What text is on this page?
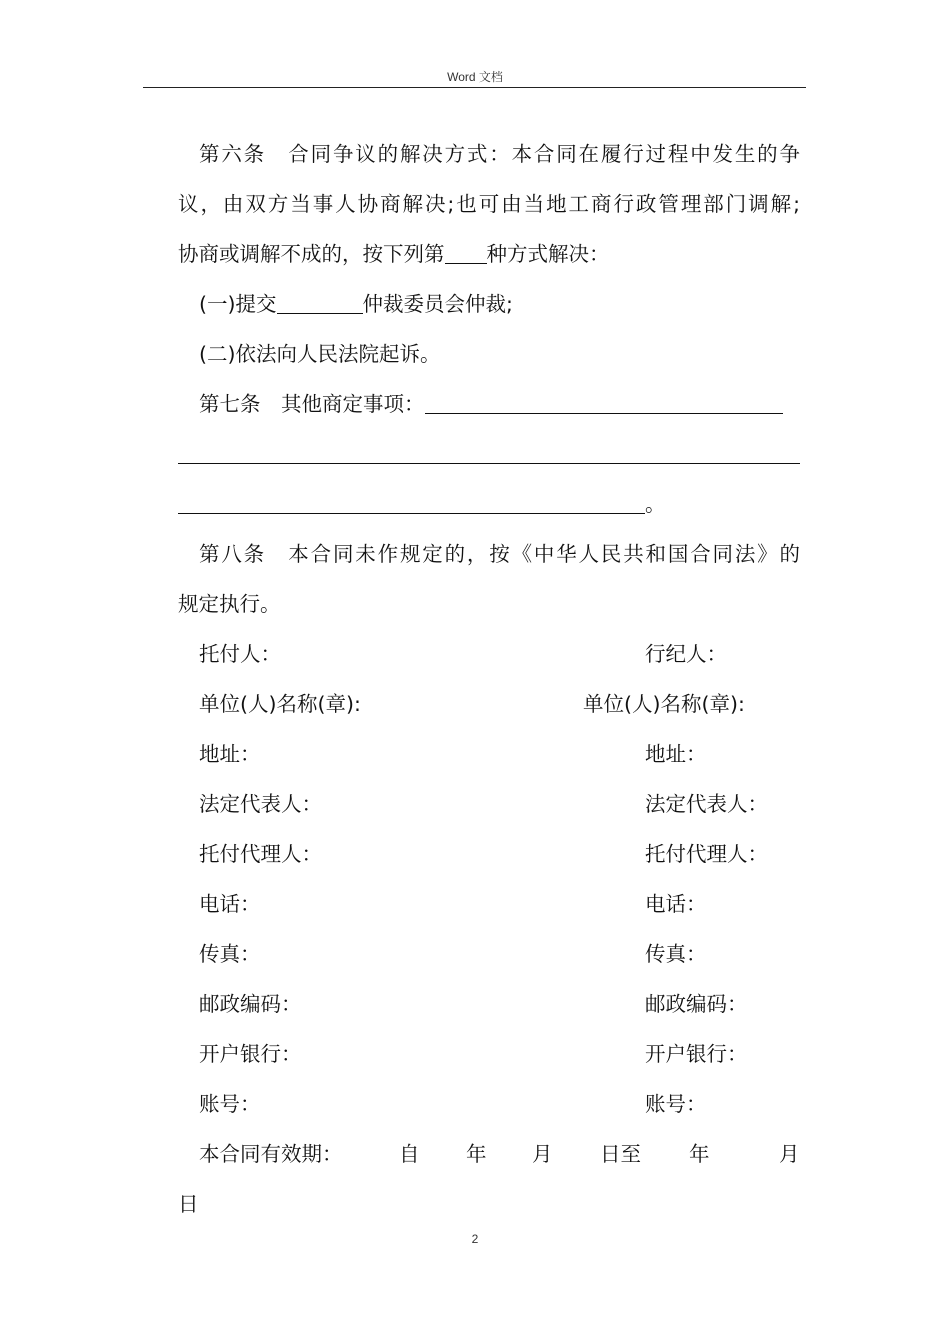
Word 文档
第六条　合同争议的解决方式：本合同在履行过程中发生的争
议，由双方当事人协商解决;也可由当地工商行政管理部门调解;
协商或调解不成的，按下列第 种方式解决：
(一)提交	仲裁委员会仲裁;
(二)依法向人民法院起诉。
第七条　其他商定事项：
。
第八条　本合同未作规定的，按《中华人民共和国合同法》的
规定执行。
托付人：	行纪人：
单位(人)名称(章):	单位(人)名称(章):
地址：	地址：
法定代表人：	法定代表人：
托付代理人：	托付代理人：
电话：	电话：
传真：	传真：
邮政编码：	邮政编码：
开户银行：	开户银行：
账号：	账号：
本合同有效期：	自 年 月 日至 年	月
日
2
